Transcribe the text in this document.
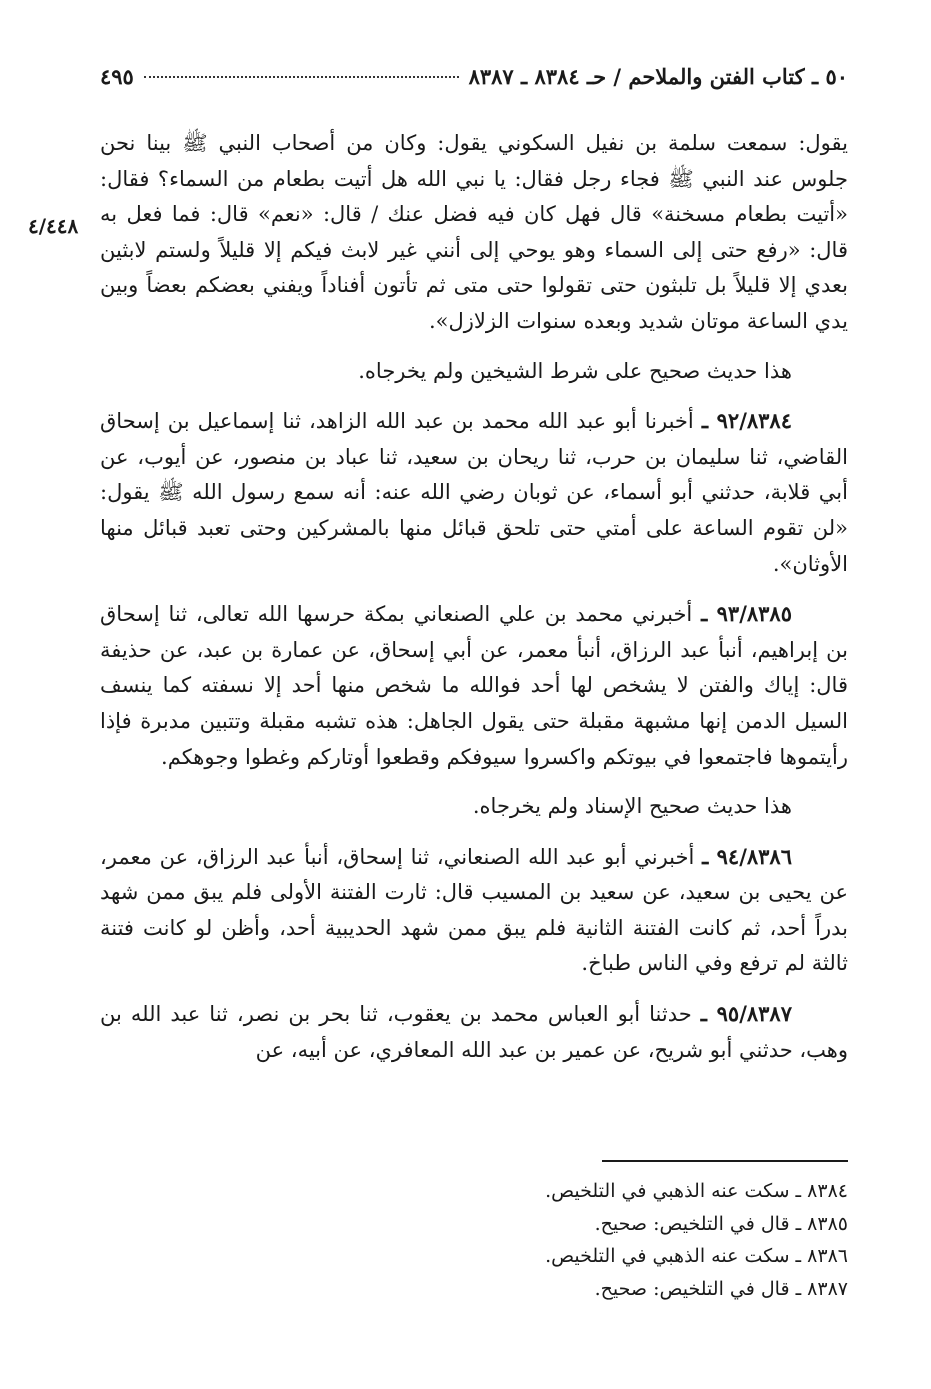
٥٠ ـ كتاب الفتن والملاحم / حـ ٨٣٨٤ ـ ٨٣٨٧
٤٩٥
٤/٤٤٨

يقول: سمعت سلمة بن نفيل السكوني يقول: وكان من أصحاب النبي ﷺ بينا نحن جلوس عند النبي ﷺ فجاء رجل فقال: يا نبي الله هل أتيت بطعام من السماء؟ فقال: «أتيت بطعام مسخنة» قال فهل كان فيه فضل عنك / قال: «نعم» قال: فما فعل به قال: «رفع حتى إلى السماء وهو يوحي إلى أنني غير لابث فيكم إلا قليلاً ولستم لابثين بعدي إلا قليلاً بل تلبثون حتى تقولوا حتى متى ثم تأتون أفناداً ويفني بعضكم بعضاً وبين يدي الساعة موتان شديد وبعده سنوات الزلازل».

هذا حديث صحيح على شرط الشيخين ولم يخرجاه.

٩٢/٨٣٨٤ ـ أخبرنا أبو عبد الله محمد بن عبد الله الزاهد، ثنا إسماعيل بن إسحاق القاضي، ثنا سليمان بن حرب، ثنا ريحان بن سعيد، ثنا عباد بن منصور، عن أيوب، عن أبي قلابة، حدثني أبو أسماء، عن ثوبان رضي الله عنه: أنه سمع رسول الله ﷺ يقول: «لن تقوم الساعة على أمتي حتى تلحق قبائل منها بالمشركين وحتى تعبد قبائل منها الأوثان».

٩٣/٨٣٨٥ ـ أخبرني محمد بن علي الصنعاني بمكة حرسها الله تعالى، ثنا إسحاق بن إبراهيم، أنبأ عبد الرزاق، أنبأ معمر، عن أبي إسحاق، عن عمارة بن عبد، عن حذيفة قال: إياك والفتن لا يشخص لها أحد فوالله ما شخص منها أحد إلا نسفته كما ينسف السيل الدمن إنها مشبهة مقبلة حتى يقول الجاهل: هذه تشبه مقبلة وتتبين مدبرة فإذا رأيتموها فاجتمعوا في بيوتكم واكسروا سيوفكم وقطعوا أوتاركم وغطوا وجوهكم.

هذا حديث صحيح الإسناد ولم يخرجاه.

٩٤/٨٣٨٦ ـ أخبرني أبو عبد الله الصنعاني، ثنا إسحاق، أنبأ عبد الرزاق، عن معمر، عن يحيى بن سعيد، عن سعيد بن المسيب قال: ثارت الفتنة الأولى فلم يبق ممن شهد بدراً أحد، ثم كانت الفتنة الثانية فلم يبق ممن شهد الحديبية أحد، وأظن لو كانت فتنة ثالثة لم ترفع وفي الناس طباخ.

٩٥/٨٣٨٧ ـ حدثنا أبو العباس محمد بن يعقوب، ثنا بحر بن نصر، ثنا عبد الله بن وهب، حدثني أبو شريح، عن عمير بن عبد الله المعافري، عن أبيه، عن

٨٣٨٤ ـ سكت عنه الذهبي في التلخيص.
٨٣٨٥ ـ قال في التلخيص: صحيح.
٨٣٨٦ ـ سكت عنه الذهبي في التلخيص.
٨٣٨٧ ـ قال في التلخيص: صحيح.
